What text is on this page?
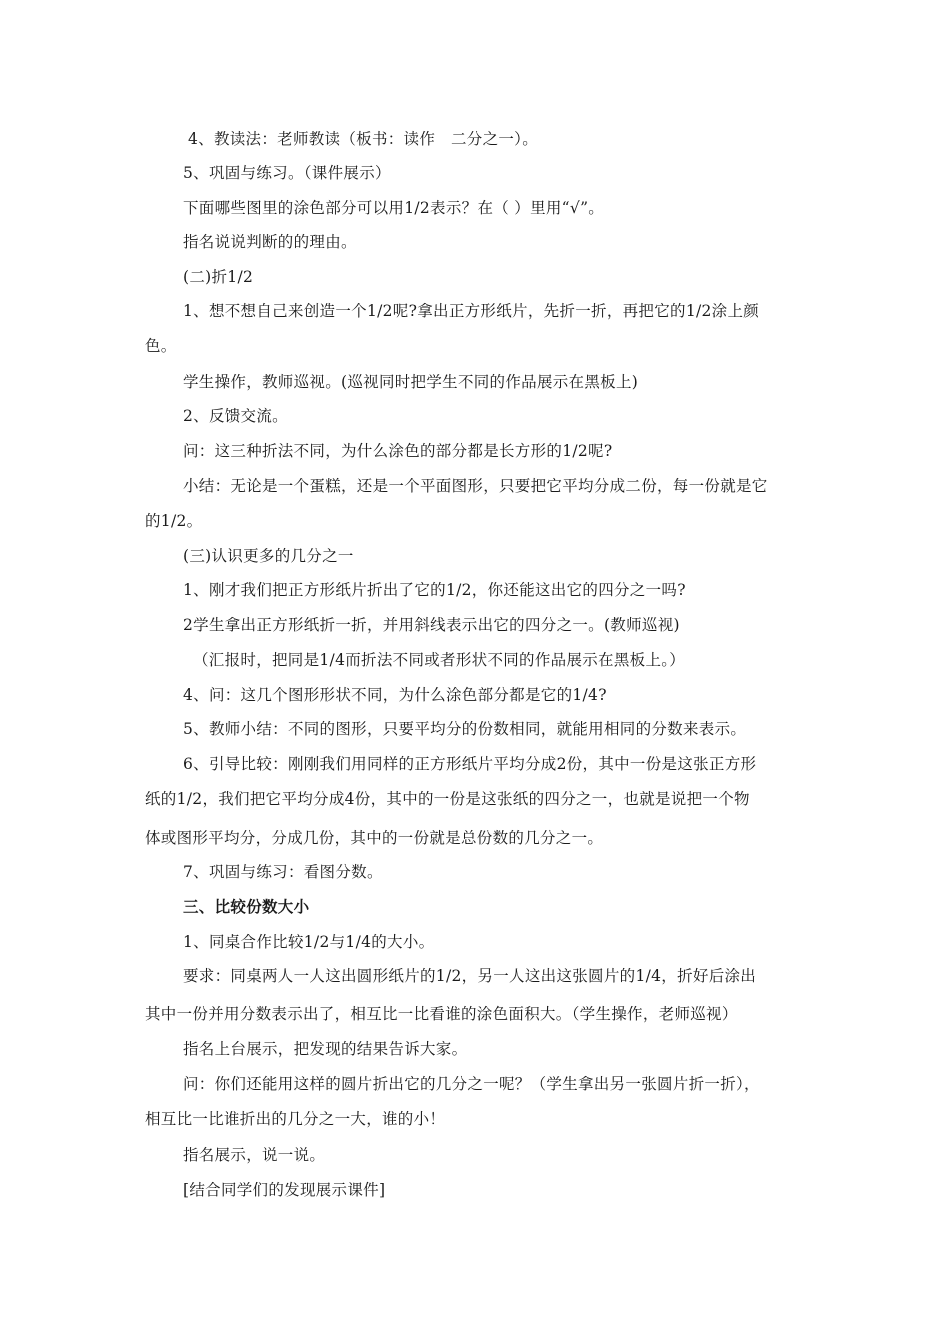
4、教读法：老师教读（板书：读作　二分之一）。
5、巩固与练习。（课件展示）
下面哪些图里的涂色部分可以用1/2表示？在（ ）里用“√”。
指名说说判断的的理由。
(二)折1/2
1、想不想自己来创造一个1/2呢?拿出正方形纸片，先折一折，再把它的1/2涂上颜
色。
学生操作，教师巡视。(巡视同时把学生不同的作品展示在黑板上)
2、反馈交流。
问：这三种折法不同，为什么涂色的部分都是长方形的1/2呢?
小结：无论是一个蛋糕，还是一个平面图形，只要把它平均分成二份，每一份就是它
的1/2。
(三)认识更多的几分之一
1、刚才我们把正方形纸片折出了它的1/2，你还能这出它的四分之一吗?
2学生拿出正方形纸折一折，并用斜线表示出它的四分之一。(教师巡视)
（汇报时，把同是1/4而折法不同或者形状不同的作品展示在黑板上。）
4、问：这几个图形形状不同，为什么涂色部分都是它的1/4?
5、教师小结：不同的图形，只要平均分的份数相同，就能用相同的分数来表示。
6、引导比较：刚刚我们用同样的正方形纸片平均分成2份，其中一份是这张正方形
纸的1/2，我们把它平均分成4份，其中的一份是这张纸的四分之一，也就是说把一个物
体或图形平均分，分成几份，其中的一份就是总份数的几分之一。
7、巩固与练习：看图分数。
三、比较份数大小
1、同桌合作比较1/2与1/4的大小。
要求：同桌两人一人这出圆形纸片的1/2，另一人这出这张圆片的1/4，折好后涂出
其中一份并用分数表示出了，相互比一比看谁的涂色面积大。（学生操作，老师巡视）
指名上台展示，把发现的结果告诉大家。
问：你们还能用这样的圆片折出它的几分之一呢？（学生拿出另一张圆片折一折），
相互比一比谁折出的几分之一大，谁的小！
指名展示，说一说。
[结合同学们的发现展示课件]
